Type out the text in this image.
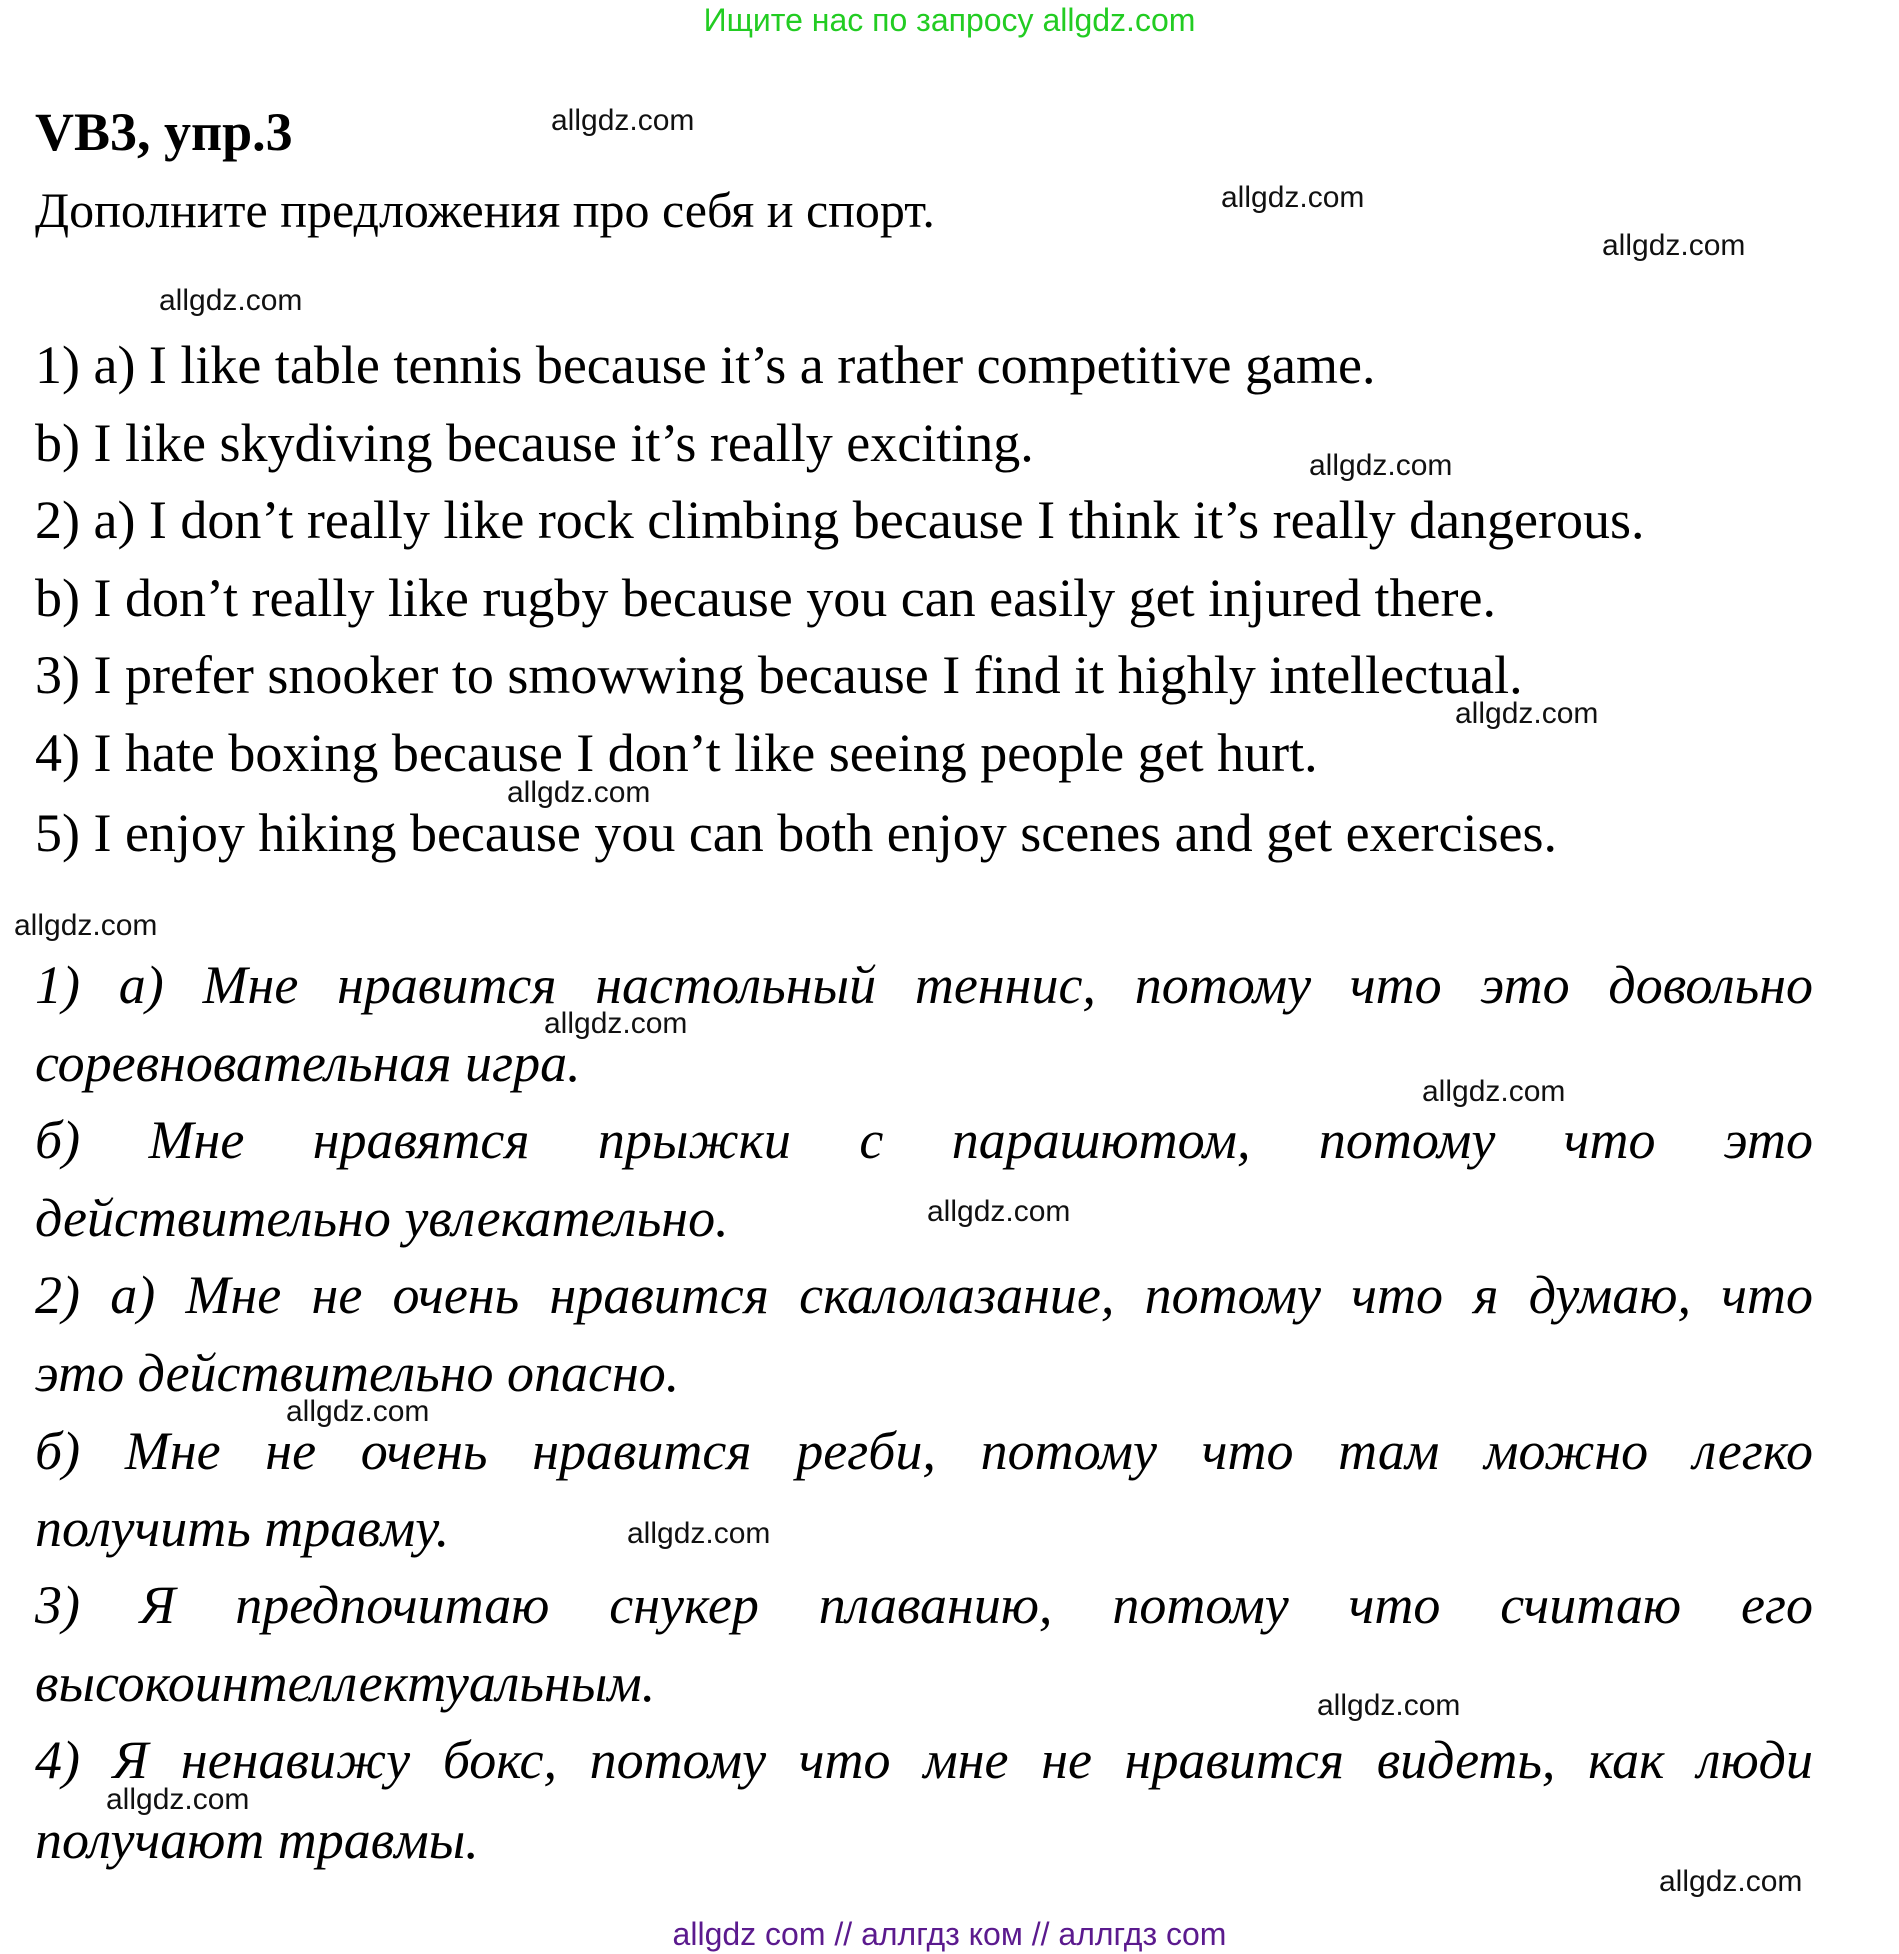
Ищите нас по запросу allgdz.com
VB3, упр.3
Дополните предложения про себя и спорт.
1) a) I like table tennis because it’s a rather competitive game.
b) I like skydiving because it’s really exciting.
2) a) I don’t really like rock climbing because I think it’s really dangerous.
b) I don’t really like rugby because you can easily get injured there.
3) I prefer snooker to smowwing because I find it highly intellectual.
4) I hate boxing because I don’t like seeing people get hurt.
5) I enjoy hiking because you can both enjoy scenes and get exercises.
1) а) Мне нравится настольный теннис, потому что это довольно
соревновательная игра.
б) Мне нравятся прыжки с парашютом, потому что это
действительно увлекательно.
2) а) Мне не очень нравится скалолазание, потому что я думаю, что
это действительно опасно.
б) Мне не очень нравится регби, потому что там можно легко
получить травму.
3) Я предпочитаю снукер плаванию, потому что считаю его
высокоинтеллектуальным.
4) Я ненавижу бокс, потому что мне не нравится видеть, как люди
получают травмы.
allgdz.com
allgdz.com
allgdz.com
allgdz.com
allgdz.com
allgdz.com
allgdz.com
allgdz.com
allgdz.com
allgdz.com
allgdz.com
allgdz.com
allgdz.com
allgdz.com
allgdz.com
allgdz.com
allgdz com // аллгдз ком // аллгдз com
